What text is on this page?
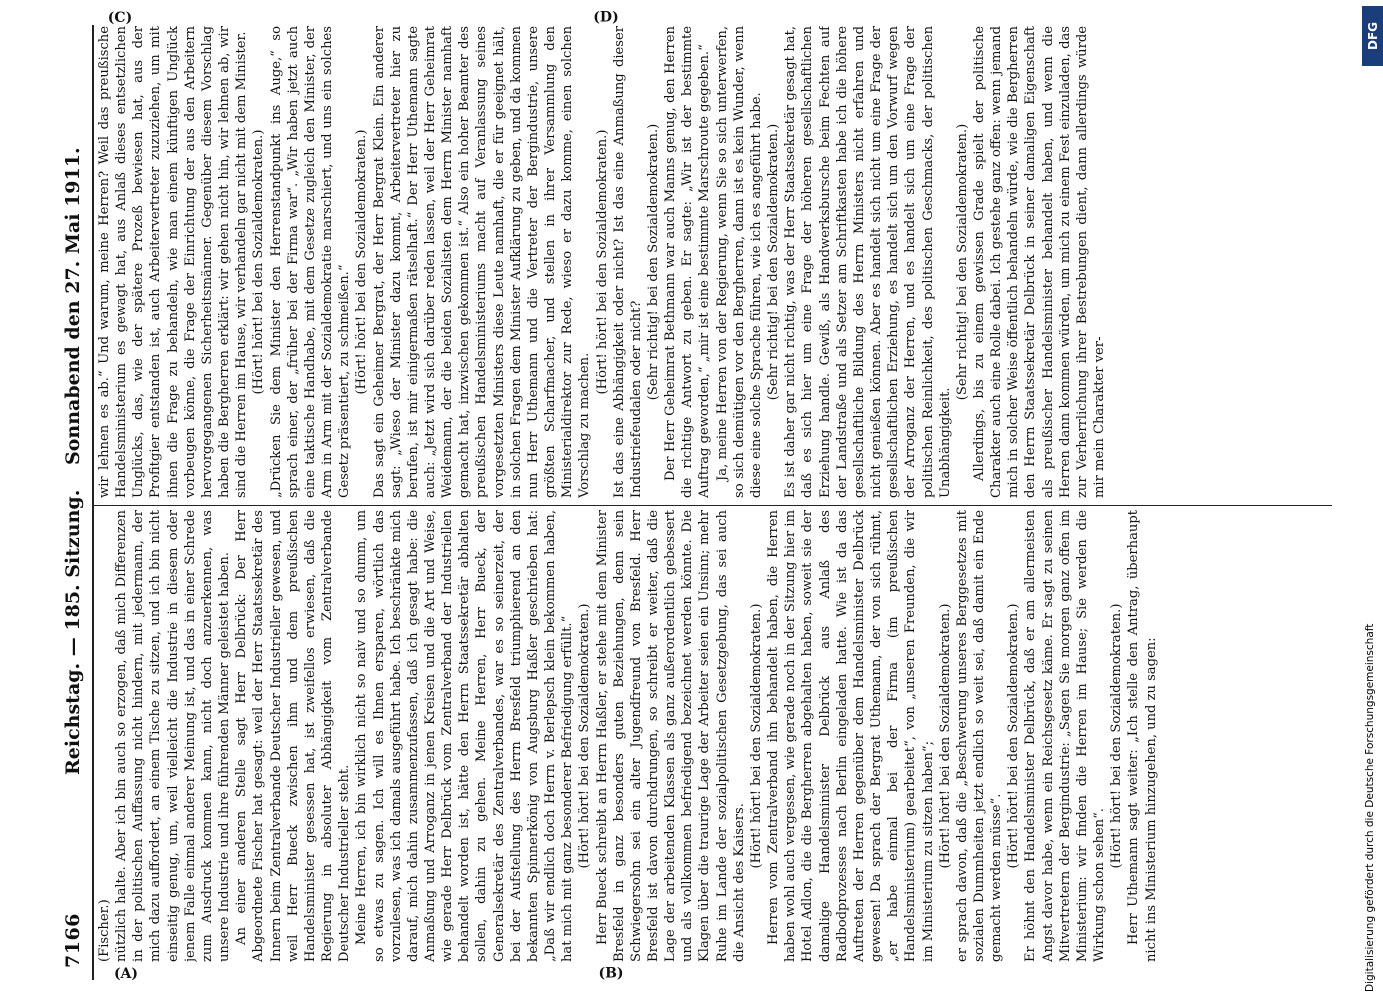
7166
Reichstag. — 185. Sitzung.
Sonnabend den 27. Mai 1911.
(A)	(B)
(C)	(D)

(Fischer.) nützlich halte. Aber ich bin auch so erzogen, daß mich Differenzen in der politischen Auffassung nicht hindern, mit jedermann, der mich dazu auffordert, an einem Tische zu sitzen, und ich bin nicht einseitig genug, um, weil vielleicht die Industrie in diesem oder jenem Falle einmal anderer Meinung ist, und das in einer Schrede zum Ausdruck kommen kann, nicht doch anzuerkennen, was unsere Industrie und ihre führenden Männer geleistet haben. An einer anderen Stelle sagt Herr Delbrück: Der Herr Abgeordnete Fischer hat gesagt: weil der Herr Staatssekretär des Innern beim Zentralverbande Deutscher Industrieller gewesen, und weil Herr Bueck zwischen ihm und dem preußischen Handelsminister gesessen hat, ist zweifellos erwiesen, daß die Regierung in absoluter Abhängigkeit vom Zentralverbande Deutscher Industrieller steht. Meine Herren, ich bin wirklich nicht so naiv und so dumm, um so etwas zu sagen. Ich will es Ihnen ersparen, wörtlich das vorzulesen, was ich damals ausgeführt habe. Ich beschränkte mich darauf, mich dahin zusammenzufassen, daß ich gesagt habe: die Anmaßung und Arroganz in jenen Kreisen und die Art und Weise, wie gerade Herr Delbrück vom Zentralverband der Industriellen behandelt worden ist, hätte den Herrn Staatssekretär abhalten sollen, dahin zu gehen. Meine Herren, Herr Bueck, der Generalsekretär des Zentralverbandes, war es so seinerzeit, der bei der Aufstellung des Herrn Bresfeld triumphierend an den bekannten Spinnerkönig von Augsburg Haßler geschrieben hat: „Daß wir endlich doch Herrn v. Berlepsch klein bekommen haben, hat mich mit ganz besonderer Befriedigung erfüllt.“ (Hört! hört! bei den Sozialdemokraten.) Herr Bueck schreibt an Herrn Haßler, er stehe mit dem Minister Bresfeld in ganz besonders guten Beziehungen, denn sein Schwiegersohn sei ein alter Jugendfreund von Bresfeld. Herr Bresfeld ist davon durchdrungen, so schreibt er weiter, daß die Lage der arbeitenden Klassen als ganz außerordentlich gebessert und als vollkommen befriedigend bezeichnet werden könnte. Die Klagen über die traurige Lage der Arbeiter seien ein Unsinn; mehr Ruhe im Lande der sozialpolitischen Gesetzgebung, das sei auch die Ansicht des Kaisers.

(Hört! hört! bei den Sozialdemokraten.) Herren vom Zentralverband ihn behandelt haben, die Herren haben wohl auch vergessen, wie gerade noch in der Sitzung hier im Hotel Adlon, die die Bergherren abgehalten haben, soweit sie der damalige Handelsminister Delbrück aus Anlaß des Radbodprozesses nach Berlin eingeladen hatte. Wie ist da das Auftreten der Herren gegenüber dem Handelsminister Delbrück gewesen! Da sprach der Bergrat Uthemann, der von sich rühmt, „er habe einmal bei der Firma (im preußischen Handelsministerium) gearbeitet“, von „unseren Freunden, die wir im Ministerium zu sitzen haben“; (Hört! hört! bei den Sozialdemokraten.) er sprach davon, daß die „Beschwerung unseres Berggesetzes mit sozialen Dummheiten jetzt endlich so weit sei, daß damit ein Ende gemacht werden müsse“.

(Hört! hört! bei den Sozialdemokraten.) Er höhnt den Handelsminister Delbrück, daß er am allermeisten Angst davor habe, wenn ein Reichsgesetz käme. Er sagt zu seinen Mitvertretern der Bergindustrie: „Sagen Sie morgen ganz offen im Ministerium: wir finden die Herren im Hause; Sie werden die Wirkung schon sehen“.

(Hört! hört! bei den Sozialdemokraten.) Herr Uthemann sagt weiter: „Ich stelle den Antrag, überhaupt nicht ins Ministerium hinzugehen, und zu sagen:

wir lehnen es ab.“ Und warum, meine Herren? Weil das preußische Handelsministerium es gewagt hat, aus Anlaß dieses entsetzlichen Unglücks, das, wie der spätere Prozeß bewiesen hat, aus der Profitgier entstanden ist, auch Arbeitervertreter zuzuziehen, um mit ihnen die Frage zu behandeln, wie man einem künftigen Unglück vorbeugen könne, die Frage der Einrichtung der aus den Arbeitern hervorgegangenen Sicherheitsmänner. Gegenüber diesem Vorschlag haben die Bergherren erklärt: wir gehen nicht hin, wir lehnen ab, wir sind die Herren im Hause, wir verhandeln gar nicht mit dem Minister. (Hört! hört! bei den Sozialdemokraten.) „Drücken Sie dem Minister den Herrenstandpunkt ins Auge,“ so sprach einer, der „früher bei der Firma war“. „Wir haben jetzt auch eine taktische Handhabe, mit dem Gesetze zugleich den Minister, der Arm in Arm mit der Sozialdemokratie marschiert, und uns ein solches Gesetz präsentiert, zu schmeißen.“ (Hört! hört! bei den Sozialdemokraten.) Das sagt ein Geheimer Bergrat, der Herr Bergrat Klein. Ein anderer sagt: „Wieso der Minister dazu kommt, Arbeitervertreter hier zu berufen, ist mir einigermaßen rätselhaft.“ Der Herr Uthemann sagte auch: „Jetzt wird sich darüber reden lassen, weil der Herr Geheimrat Weidemann, der die beiden Sozialisten dem Herrn Minister namhaft gemacht hat, inzwischen gekommen ist.“ Also ein hoher Beamter des preußischen Handelsministeriums macht auf Veranlassung seines vorgesetzten Ministers diese Leute namhaft, die er für geeignet hält, in solchen Fragen dem Minister Aufklärung zu geben, und da kommen nun Herr Uthemann und die Vertreter der Bergindustrie, unsere größten Scharfmacher, und stellen in ihrer Versammlung den Ministerialdirektor zur Rede, wieso er dazu komme, einen solchen Vorschlag zu machen.

(Hört! hört! bei den Sozialdemokraten.) Ist das eine Abhängigkeit oder nicht? Ist das eine Anmaßung dieser Industriefeudalen oder nicht? (Sehr richtig! bei den Sozialdemokraten.) Der Herr Geheimrat Bethmann war auch Manns genug, den Herren die richtige Antwort zu geben. Er sagte: „Wir ist der bestimmte Auftrag geworden,“ „mir ist eine bestimmte Marschroute gegeben.“ Ja, meine Herren von der Regierung, wenn Sie so sich unterwerfen, so sich demütigen vor den Bergherren, dann ist es kein Wunder, wenn diese eine solche Sprache führen, wie ich es angeführt habe. (Sehr richtig! bei den Sozialdemokraten.) Es ist daher gar nicht richtig, was der Herr Staatssekretär gesagt hat, daß es sich hier um eine Frage der höheren gesellschaftlichen Erziehung handle. Gewiß, als Handwerksbursche beim Fechten auf der Landstraße und als Setzer am Schriftkasten habe ich die höhere gesellschaftliche Bildung des Herrn Ministers nicht erfahren und nicht genießen können. Aber es handelt sich nicht um eine Frage der gesellschaftlichen Erziehung, es handelt sich um den Vorwurf wegen der Arroganz der Herren, und es handelt sich um eine Frage der politischen Reinlichkeit, des politischen Geschmacks, der politischen Unabhängigkeit.

(Sehr richtig! bei den Sozialdemokraten.) Allerdings, bis zu einem gewissen Grade spielt der politische Charakter auch eine Rolle dabei. Ich gestehe ganz offen: wenn jemand mich in solcher Weise öffentlich behandeln würde, wie die Bergherren den Herrn Staatssekretär Delbrück in seiner damaligen Eigenschaft als preußischer Handelsminister behandelt haben, und wenn die Herren dann kommen würden, um mich zu einem Fest einzuladen, das zur Verherrlichung ihrer Bestrebungen dient, dann allerdings würde mir mein Charakter ver-

DFG
Digitalisierung gefördert durch die Deutsche Forschungsgemeinschaft
